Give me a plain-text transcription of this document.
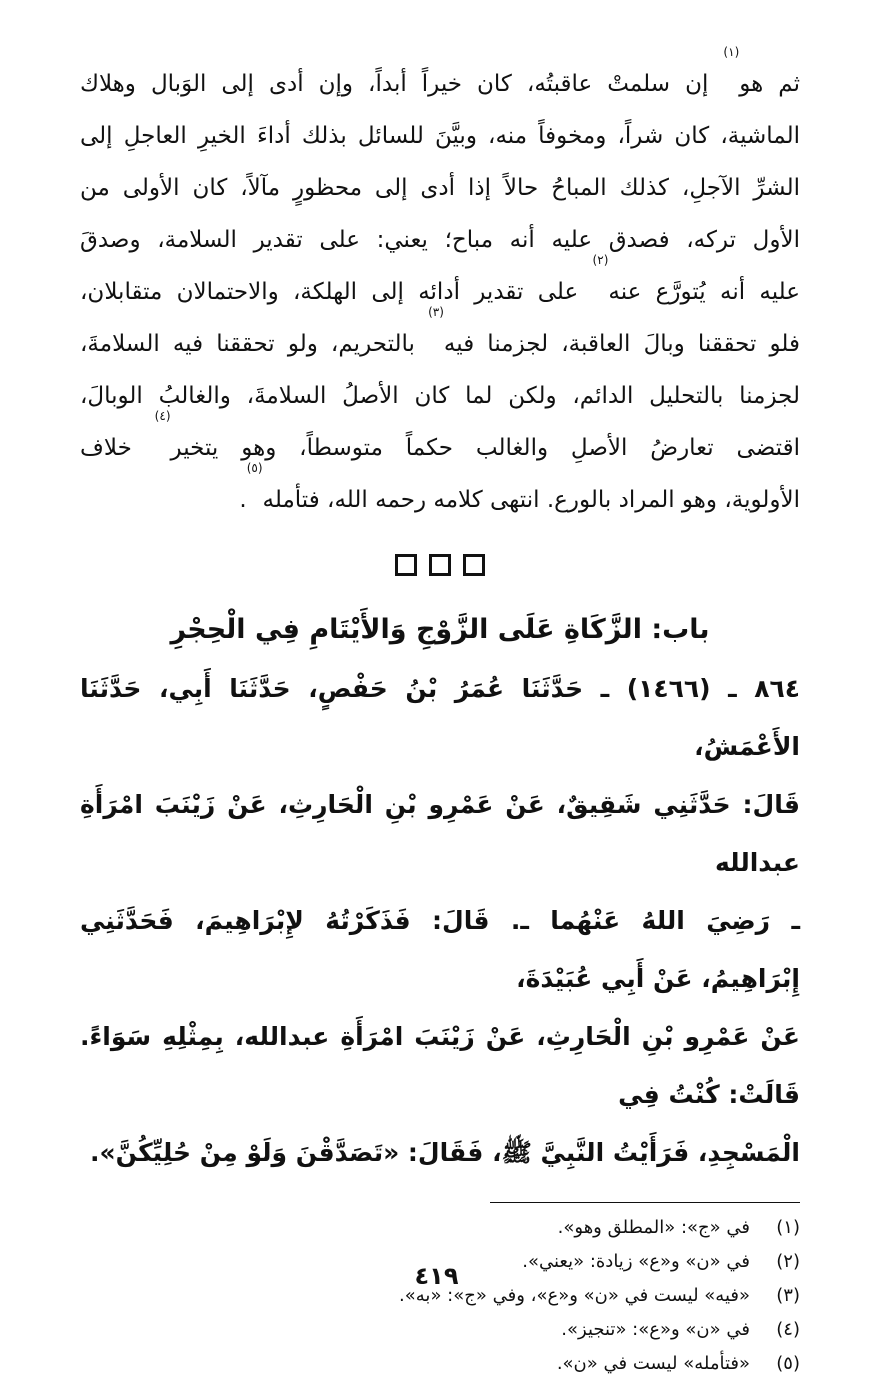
ثم هو$^{(١)}$ إن سلمتْ عاقبتُه، كان خيراً أبداً، وإن أدى إلى الوَبال وهلاك الماشية، كان شراً، ومخوفاً منه، وبيَّنَ للسائل بذلك أداءَ الخيرِ العاجلِ إلى الشرِّ الآجلِ، كذلك المباحُ حالاً إذا أدى إلى محظورٍ مآلاً، كان الأولى من الأول تركه، فصدق عليه أنه مباح؛ يعني: على تقدير السلامة، وصدقَ عليه أنه يُتورَّع عنه$^{(٢)}$ على تقدير أدائه إلى الهلكة، والاحتمالان متقابلان، فلو تحققنا وبالَ العاقبة، لجزمنا فيه$^{(٣)}$ بالتحريم، ولو تحققنا فيه السلامةَ، لجزمنا بالتحليل الدائم، ولكن لما كان الأصلُ السلامةَ، والغالبُ الوبالَ، اقتضى تعارضُ الأصلِ والغالب حكماً متوسطاً، وهو يتخير$^{(٤)}$ خلاف الأولوية، وهو المراد بالورع. انتهى كلامه رحمه الله، فتأمله$^{(٥)}$.

باب: الزَّكَاةِ عَلَى الزَّوْجِ وَالأَيْتَامِ فِي الْحِجْرِ
٨٦٤ ـ (١٤٦٦) ـ حَدَّثَنَا عُمَرُ بْنُ حَفْصٍ، حَدَّثَنَا أَبِي، حَدَّثَنَا الأَعْمَشُ،
قَالَ: حَدَّثَنِي شَقِيقٌ، عَنْ عَمْرِو بْنِ الْحَارِثِ، عَنْ زَيْنَبَ امْرَأَةِ عبدالله
ـ رَضِيَ اللهُ عَنْهُما ـ. قَالَ: فَذَكَرْتُهُ لإِبْرَاهِيمَ، فَحَدَّثَنِي إِبْرَاهِيمُ، عَنْ أَبِي عُبَيْدَةَ،
عَنْ عَمْرِو بْنِ الْحَارِثِ، عَنْ زَيْنَبَ امْرَأَةِ عبدالله، بِمِثْلِهِ سَوَاءً. قَالَتْ: كُنْتُ فِي
الْمَسْجِدِ، فَرَأَيْتُ النَّبِيَّ ﷺ، فَقَالَ: «تَصَدَّقْنَ وَلَوْ مِنْ حُلِيِّكُنَّ».
(١)
في «ج»: «المطلق وهو».
(٢)
في «ن» و«ع» زيادة: «يعني».
(٣)
«فيه» ليست في «ن» و«ع»، وفي «ج»: «به».
(٤)
في «ن» و«ع»: «تنجيز».
(٥)
«فتأمله» ليست في «ن».
٤١٩
